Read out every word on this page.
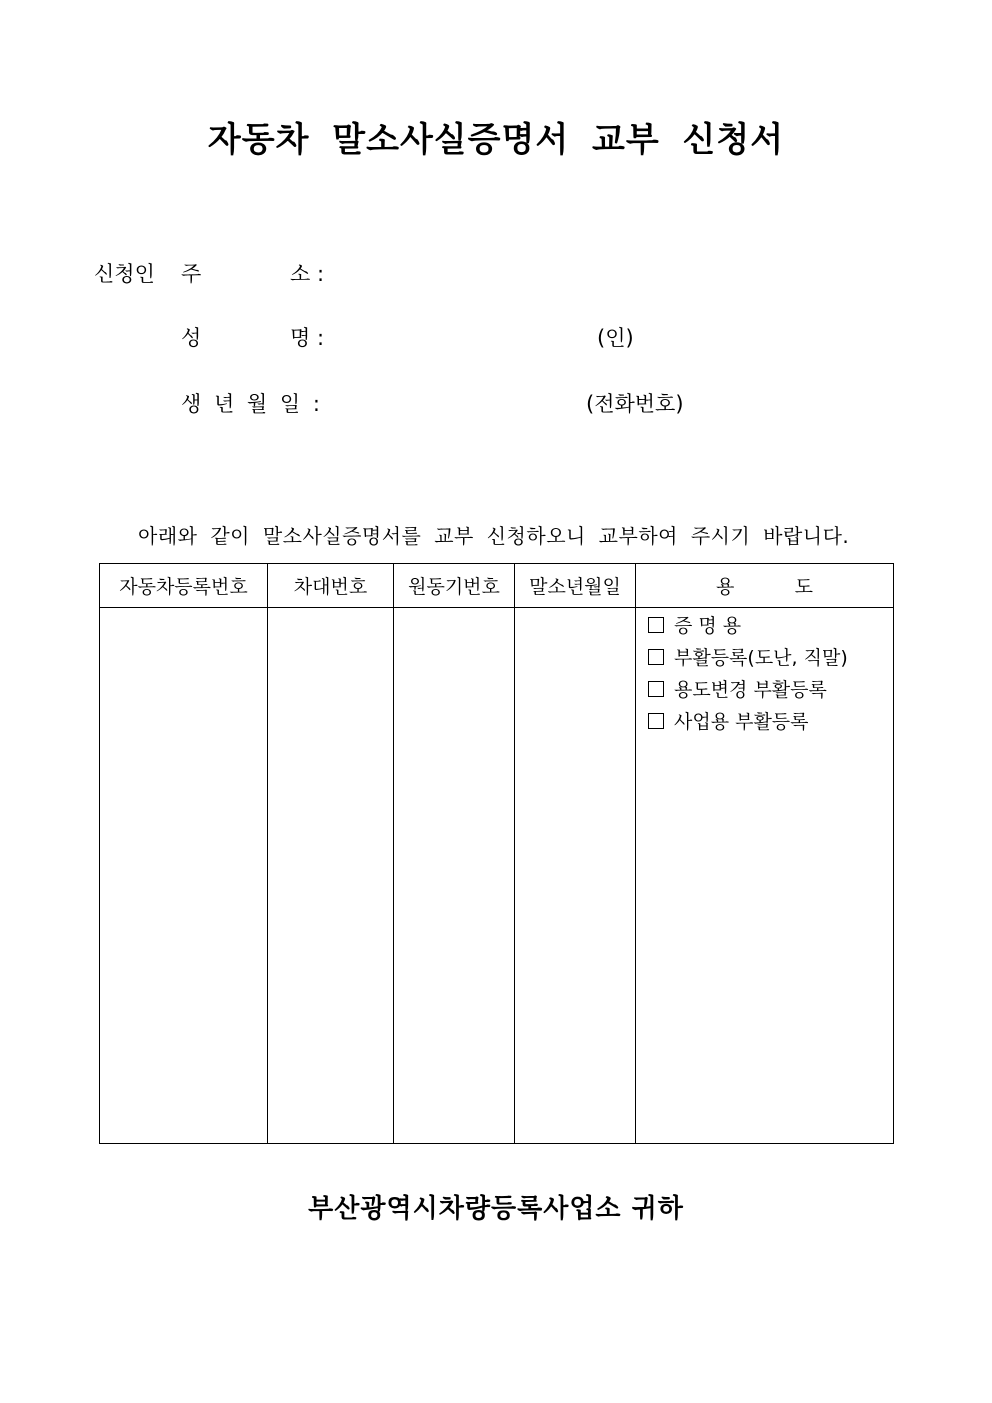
자동차 말소사실증명서 교부 신청서
신청인 주	소 :
성	명 :	(인)
생 년 월 일 :	(전화번호)
아래와 같이 말소사실증명서를 교부 신청하오니 교부하여 주시기 바랍니다.
자동차등록번호	차대번호	원동기번호	말소년월일	용          도

				증 명 용
부활등록(도난, 직말)
용도변경 부활등록
사업용 부활등록
부산광역시차량등록사업소 귀하
